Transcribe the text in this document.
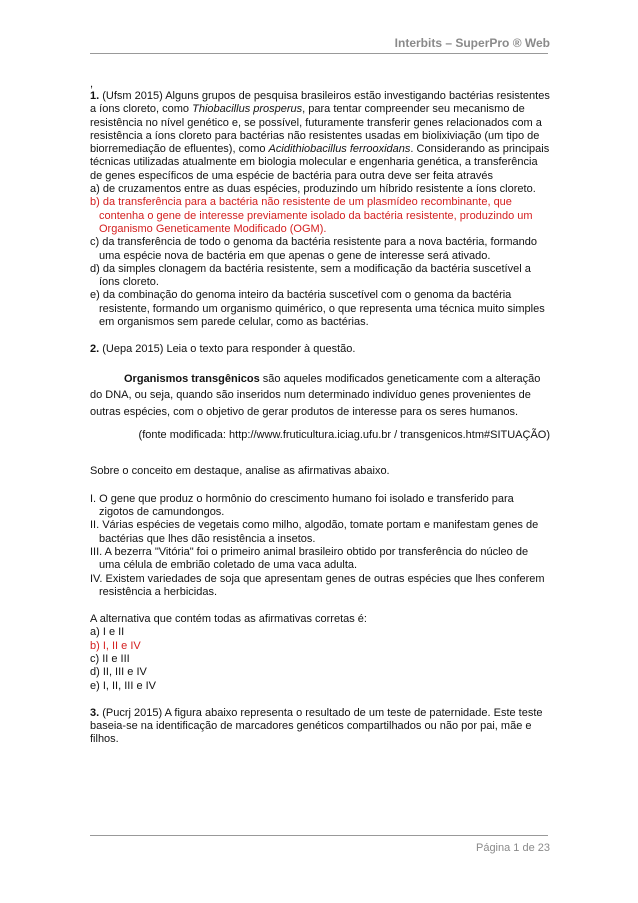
Interbits – SuperPro ® Web
,

1. (Ufsm 2015) Alguns grupos de pesquisa brasileiros estão investigando bactérias resistentes a íons cloreto, como Thiobacillus prosperus, para tentar compreender seu mecanismo de resistência no nível genético e, se possível, futuramente transferir genes relacionados com a resistência a íons cloreto para bactérias não resistentes usadas em biolixiviação (um tipo de biorremediação de efluentes), como Acidithiobacillus ferrooxidans. Considerando as principais técnicas utilizadas atualmente em biologia molecular e engenharia genética, a transferência de genes específicos de uma espécie de bactéria para outra deve ser feita através

a) de cruzamentos entre as duas espécies, produzindo um híbrido resistente a íons cloreto.

b) da transferência para a bactéria não resistente de um plasmídeo recombinante, que contenha o gene de interesse previamente isolado da bactéria resistente, produzindo um Organismo Geneticamente Modificado (OGM).

c) da transferência de todo o genoma da bactéria resistente para a nova bactéria, formando uma espécie nova de bactéria em que apenas o gene de interesse será ativado.

d) da simples clonagem da bactéria resistente, sem a modificação da bactéria suscetível a íons cloreto.

e) da combinação do genoma inteiro da bactéria suscetível com o genoma da bactéria resistente, formando um organismo quimérico, o que representa uma técnica muito simples em organismos sem parede celular, como as bactérias.

2. (Uepa 2015) Leia o texto para responder à questão.

Organismos transgênicos são aqueles modificados geneticamente com a alteração do DNA, ou seja, quando são inseridos num determinado indivíduo genes provenientes de outras espécies, com o objetivo de gerar produtos de interesse para os seres humanos.

(fonte modificada: http://www.fruticultura.iciag.ufu.br / transgenicos.htm#SITUAÇÃO)

Sobre o conceito em destaque, analise as afirmativas abaixo.

I. O gene que produz o hormônio do crescimento humano foi isolado e transferido para zigotos de camundongos.

II. Várias espécies de vegetais como milho, algodão, tomate portam e manifestam genes de bactérias que lhes dão resistência a insetos.

III. A bezerra "Vitória" foi o primeiro animal brasileiro obtido por transferência do núcleo de uma célula de embrião coletado de uma vaca adulta.

IV. Existem variedades de soja que apresentam genes de outras espécies que lhes conferem resistência a herbicidas.

A alternativa que contém todas as afirmativas corretas é:

a) I e II

b) I, II e IV

c) II e III

d) II, III e IV

e) I, II, III e IV

3. (Pucrj 2015) A figura abaixo representa o resultado de um teste de paternidade. Este teste baseia-se na identificação de marcadores genéticos compartilhados ou não por pai, mãe e filhos.

Página 1 de 23
